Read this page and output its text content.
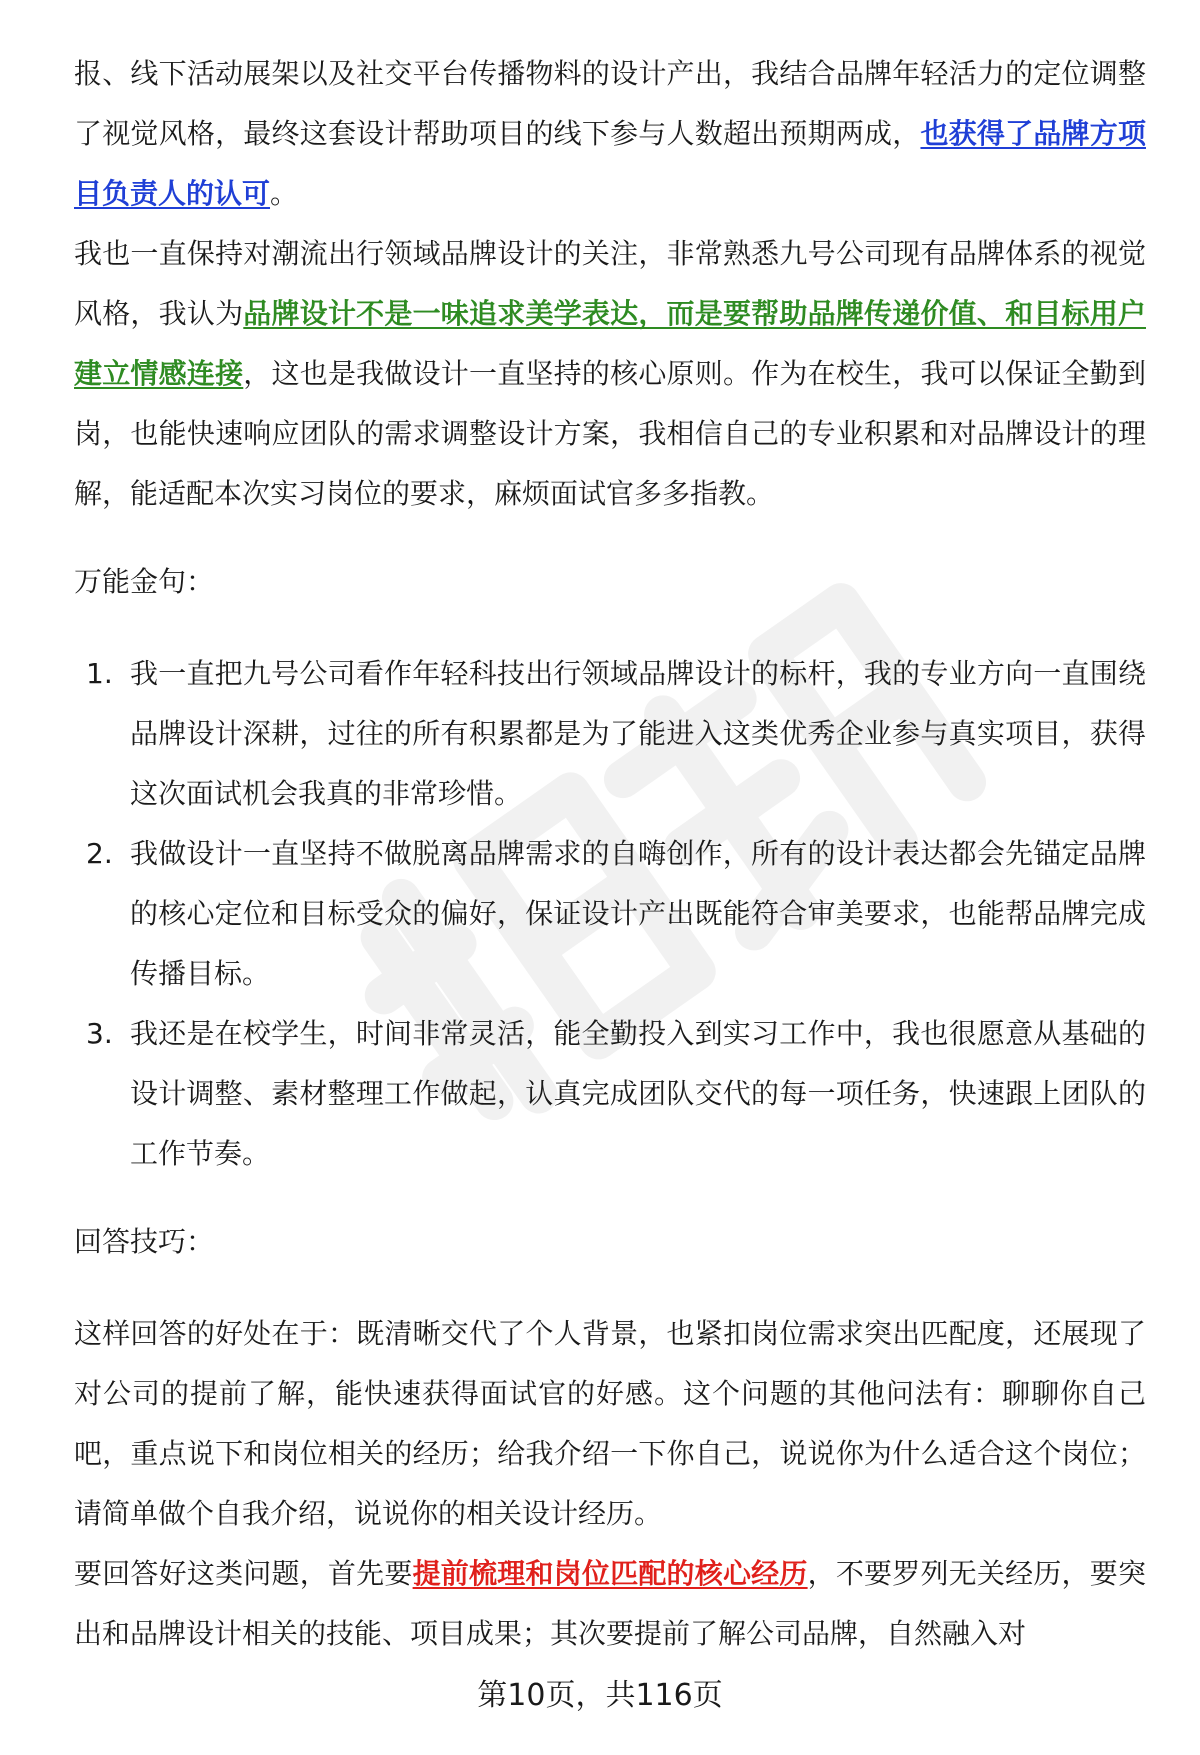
报、线下活动展架以及社交平台传播物料的设计产出，我结合品牌年轻活力的定位调整了视觉风格，最终这套设计帮助项目的线下参与人数超出预期两成，也获得了品牌方项目负责人的认可。

我也一直保持对潮流出行领域品牌设计的关注，非常熟悉九号公司现有品牌体系的视觉风格，我认为品牌设计不是一味追求美学表达，而是要帮助品牌传递价值、和目标用户建立情感连接，这也是我做设计一直坚持的核心原则。作为在校生，我可以保证全勤到岗，也能快速响应团队的需求调整设计方案，我相信自己的专业积累和对品牌设计的理解，能适配本次实习岗位的要求，麻烦面试官多多指教。

万能金句：

1. 我一直把九号公司看作年轻科技出行领域品牌设计的标杆，我的专业方向一直围绕品牌设计深耕，过往的所有积累都是为了能进入这类优秀企业参与真实项目，获得这次面试机会我真的非常珍惜。
2. 我做设计一直坚持不做脱离品牌需求的自嗨创作，所有的设计表达都会先锚定品牌的核心定位和目标受众的偏好，保证设计产出既能符合审美要求，也能帮品牌完成传播目标。
3. 我还是在校学生，时间非常灵活，能全勤投入到实习工作中，我也很愿意从基础的设计调整、素材整理工作做起，认真完成团队交代的每一项任务，快速跟上团队的工作节奏。

回答技巧：

这样回答的好处在于：既清晰交代了个人背景，也紧扣岗位需求突出匹配度，还展现了对公司的提前了解，能快速获得面试官的好感。这个问题的其他问法有：聊聊你自己吧，重点说下和岗位相关的经历；给我介绍一下你自己，说说你为什么适合这个岗位；请简单做个自我介绍，说说你的相关设计经历。

要回答好这类问题，首先要提前梳理和岗位匹配的核心经历，不要罗列无关经历，要突出和品牌设计相关的技能、项目成果；其次要提前了解公司品牌，自然融入对

第10页，共116页
